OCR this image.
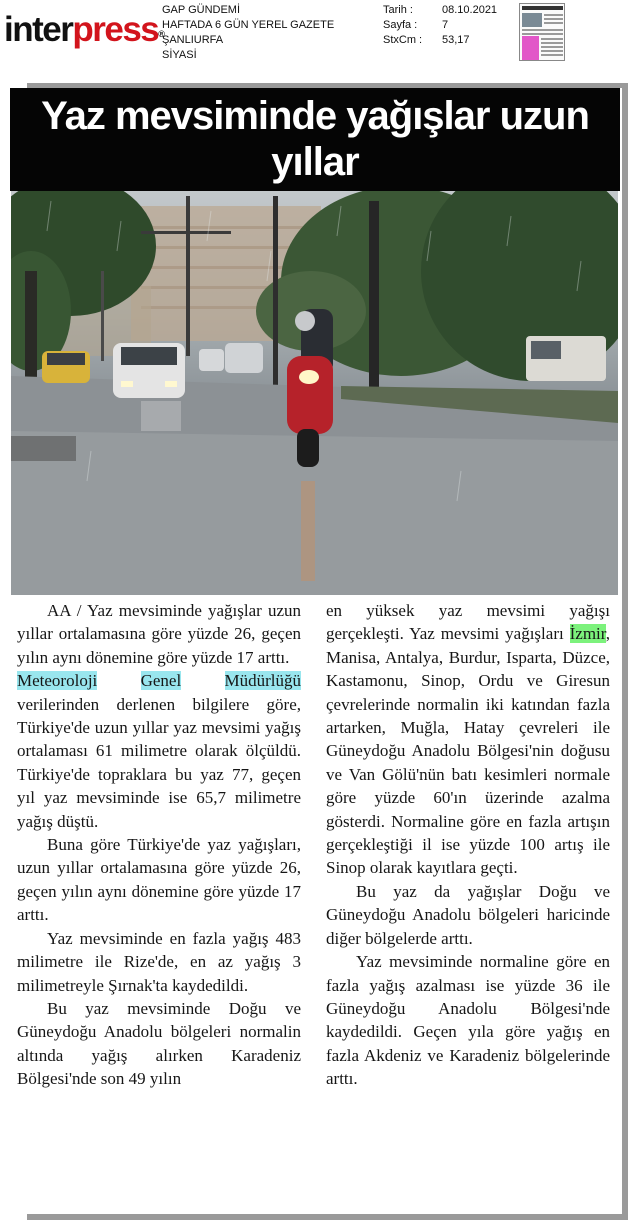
interpress®
GAP GÜNDEMİ
HAFTADA 6 GÜN YEREL GAZETE
ŞANLIURFA
SİYASİ
Tarih :
Sayfa :
StxCm :
08.10.2021
7
53,17
Yaz mevsiminde yağışlar uzun yıllar

AA / Yaz mevsiminde yağışlar uzun yıllar ortalamasına göre yüzde 26, geçen yılın aynı dönemine göre yüzde 17 arttı.

Meteoroloji	Genel	Müdürlüğü verilerinden derlenen bilgilere göre, Türkiye'de uzun yıllar yaz mevsimi yağış ortalaması 61 milimetre olarak ölçüldü. Türkiye'de topraklara bu yaz 77, geçen yıl yaz mevsiminde ise 65,7 milimetre yağış düştü.

Buna göre Türkiye'de yaz yağışları, uzun yıllar ortalamasına göre yüzde 26, geçen yılın aynı dönemine göre yüzde 17 arttı.

Yaz mevsiminde en fazla yağış 483 milimetre ile Rize'de, en az yağış 3 milimetreyle Şırnak'ta kaydedildi.

Bu yaz mevsiminde Doğu ve Güneydoğu Anadolu bölgeleri normalin altında yağış alırken Karadeniz Bölgesi'nde son 49 yılın

en yüksek yaz mevsimi yağışı gerçekleşti. Yaz mevsimi yağışları İzmir, Manisa, Antalya, Burdur, Isparta, Düzce, Kastamonu, Sinop, Ordu ve Giresun çevrelerinde normalin iki katından fazla artarken, Muğla, Hatay çevreleri ile Güneydoğu Anadolu Bölgesi'nin doğusu ve Van Gölü'nün batı kesimleri normale göre yüzde 60'ın üzerinde azalma gösterdi. Normaline göre en fazla artışın gerçekleştiği il ise yüzde 100 artış ile Sinop olarak kayıtlara geçti.

Bu yaz da yağışlar Doğu ve Güneydoğu Anadolu bölgeleri haricinde diğer bölgelerde arttı.

Yaz mevsiminde normaline göre en fazla yağış azalması ise yüzde 36 ile Güneydoğu Anadolu Bölgesi'nde kaydedildi. Geçen yıla göre yağış en fazla Akdeniz ve Karadeniz bölgelerinde arttı.
